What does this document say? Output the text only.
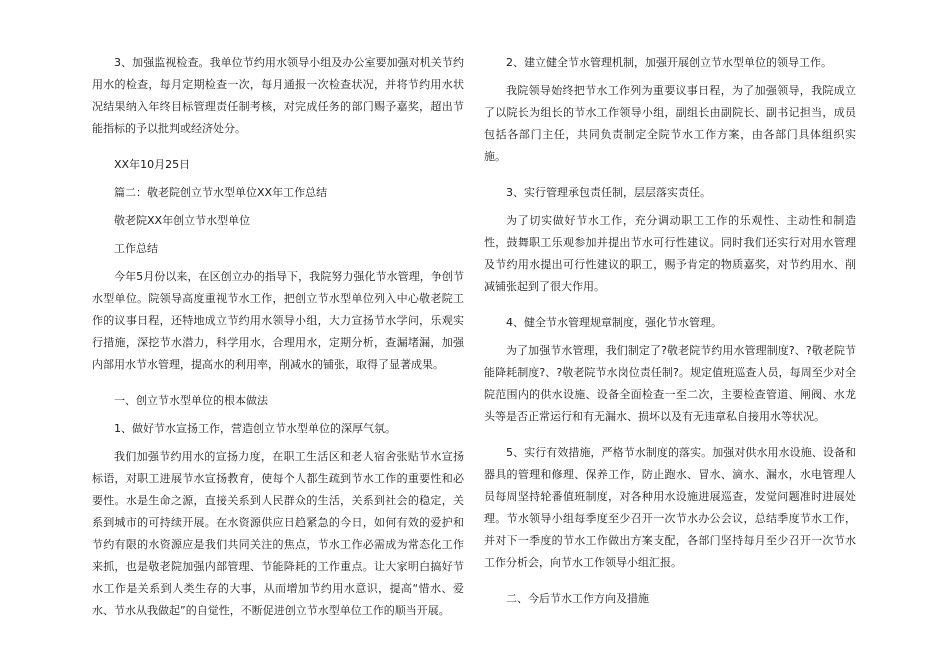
3、加强监视检查。我单位节约用水领导小组及办公室要加强对机关节约用水的检查，每月定期检查一次，每月通报一次检查状况，并将节约用水状况结果纳入年终目标管理责任制考核，对完成任务的部门赐予嘉奖，超出节能指标的予以批判或经济处分。

XX年10月25日

篇二：敬老院创立节水型单位XX年工作总结

敬老院XX年创立节水型单位

工作总结

今年5月份以来，在区创立办的指导下，我院努力强化节水管理，争创节水型单位。院领导高度重视节水工作，把创立节水型单位列入中心敬老院工作的议事日程，还特地成立节约用水领导小组，大力宣扬节水学问，乐观实行措施，深挖节水潜力，科学用水，合理用水，定期分析，查漏堵漏，加强内部用水节水管理，提高水的利用率，削减水的铺张，取得了显著成果。

一、创立节水型单位的根本做法

1、做好节水宣扬工作，营造创立节水型单位的深厚气氛。

我们加强节约用水的宣扬力度，在职工生活区和老人宿舍张贴节水宣扬标语，对职工进展节水宣扬教育，使每个人都生疏到节水工作的重要性和必要性。水是生命之源，直接关系到人民群众的生活，关系到社会的稳定，关系到城市的可持续开展。在水资源供应日趋紧急的今日，如何有效的爱护和节约有限的水资源应是我们共同关注的焦点，节水工作必需成为常态化工作来抓，也是敬老院加强内部管理、节能降耗的工作重点。让大家明白搞好节水工作是关系到人类生存的大事，从而增加节约用水意识，提高“惜水、爱水、节水从我做起”的自觉性，不断促进创立节水型单位工作的顺当开展。

2、建立健全节水管理机制，加强开展创立节水型单位的领导工作。

我院领导始终把节水工作列为重要议事日程，为了加强领导，我院成立了以院长为组长的节水工作领导小组，副组长由副院长、副书记担当，成员包括各部门主任，共同负责制定全院节水工作方案，由各部门具体组织实施。

3、实行管理承包责任制，层层落实责任。

为了切实做好节水工作，充分调动职工工作的乐观性、主动性和制造性，鼓舞职工乐观参加并提出节水可行性建议。同时我们还实行对用水管理及节约用水提出可行性建议的职工，赐予肯定的物质嘉奖，对节约用水、削减铺张起到了很大作用。

4、健全节水管理规章制度，强化节水管理。

为了加强节水管理，我们制定了?敬老院节约用水管理制度?、?敬老院节能降耗制度?、?敬老院节水岗位责任制?。规定值班巡查人员，每周至少对全院范围内的供水设施、设备全面检查一至二次，主要检查管道、闸阀、水龙头等是否正常运行和有无漏水、损坏以及有无违章私自接用水等状况。

5、实行有效措施，严格节水制度的落实。加强对供水用水设施、设备和器具的管理和修理、保养工作，防止跑水、冒水、滴水、漏水，水电管理人员每周坚持轮番值班制度，对各种用水设施进展巡查，发觉问题准时进展处理。节水领导小组每季度至少召开一次节水办公会议，总结季度节水工作，并对下一季度的节水工作做出方案支配，各部门坚持每月至少召开一次节水工作分析会，向节水工作领导小组汇报。

二、今后节水工作方向及措施
